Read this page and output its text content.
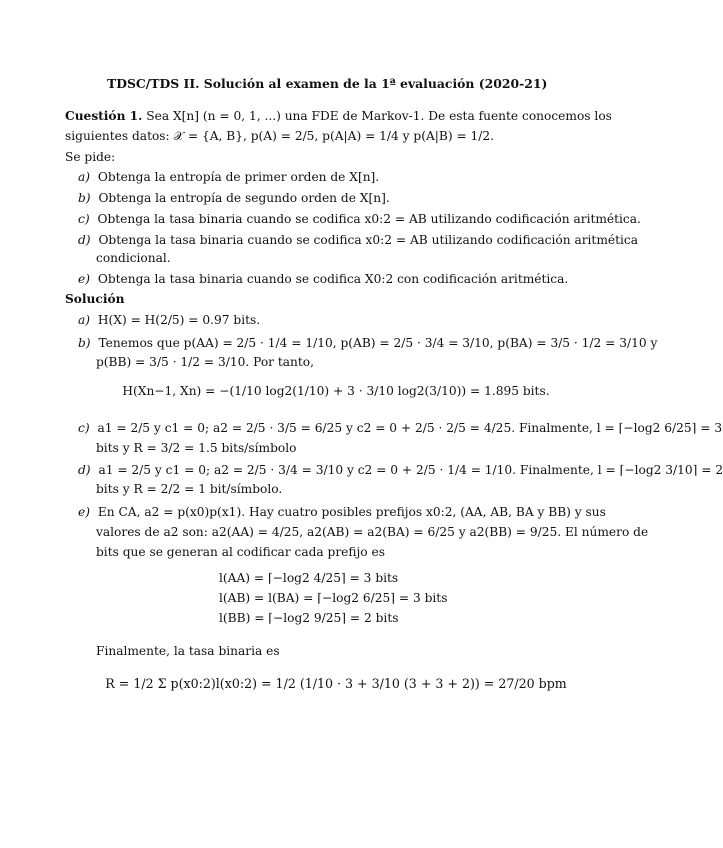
TDSC/TDS II. Solución al examen de la 1ª evaluación (2020-21)
Cuestión 1. Sea X[n] (n = 0, 1, ...) una FDE de Markov-1. De esta fuente conocemos los
siguientes datos: 𝒳 = {A, B}, p(A) = 2/5, p(A|A) = 1/4 y p(A|B) = 1/2.
Se pide:
a) Obtenga la entropía de primer orden de X[n].
b) Obtenga la entropía de segundo orden de X[n].
c) Obtenga la tasa binaria cuando se codifica x0:2 = AB utilizando codificación aritmética.
d) Obtenga la tasa binaria cuando se codifica x0:2 = AB utilizando codificación aritmética
condicional.
e) Obtenga la tasa binaria cuando se codifica X0:2 con codificación aritmética.
Solución
a) H(X) = H(2/5) = 0.97 bits.
b) Tenemos que p(AA) = 2/5 · 1/4 = 1/10, p(AB) = 2/5 · 3/4 = 3/10, p(BA) = 3/5 · 1/2 = 3/10 y
p(BB) = 3/5 · 1/2 = 3/10. Por tanto,
H(Xn−1, Xn) = −(1/10 log2(1/10) + 3 · 3/10 log2(3/10)) = 1.895 bits.
c) a1 = 2/5 y c1 = 0; a2 = 2/5 · 3/5 = 6/25 y c2 = 0 + 2/5 · 2/5 = 4/25. Finalmente, l = ⌈−log2 6/25⌉ = 3
bits y R = 3/2 = 1.5 bits/símbolo
d) a1 = 2/5 y c1 = 0; a2 = 2/5 · 3/4 = 3/10 y c2 = 0 + 2/5 · 1/4 = 1/10. Finalmente, l = ⌈−log2 3/10⌉ = 2
bits y R = 2/2 = 1 bit/símbolo.
e) En CA, a2 = p(x0)p(x1). Hay cuatro posibles prefijos x0:2, (AA, AB, BA y BB) y sus
valores de a2 son: a2(AA) = 4/25, a2(AB) = a2(BA) = 6/25 y a2(BB) = 9/25. El número de
bits que se generan al codificar cada prefijo es
l(AA) = ⌈−log2 4/25⌉ = 3 bits
l(AB) = l(BA) = ⌈−log2 6/25⌉ = 3 bits
l(BB) = ⌈−log2 9/25⌉ = 2 bits
Finalmente, la tasa binaria es
R = 1/2 Σ p(x0:2)l(x0:2) = 1/2 (1/10 · 3 + 3/10 (3 + 3 + 2)) = 27/20 bpm
